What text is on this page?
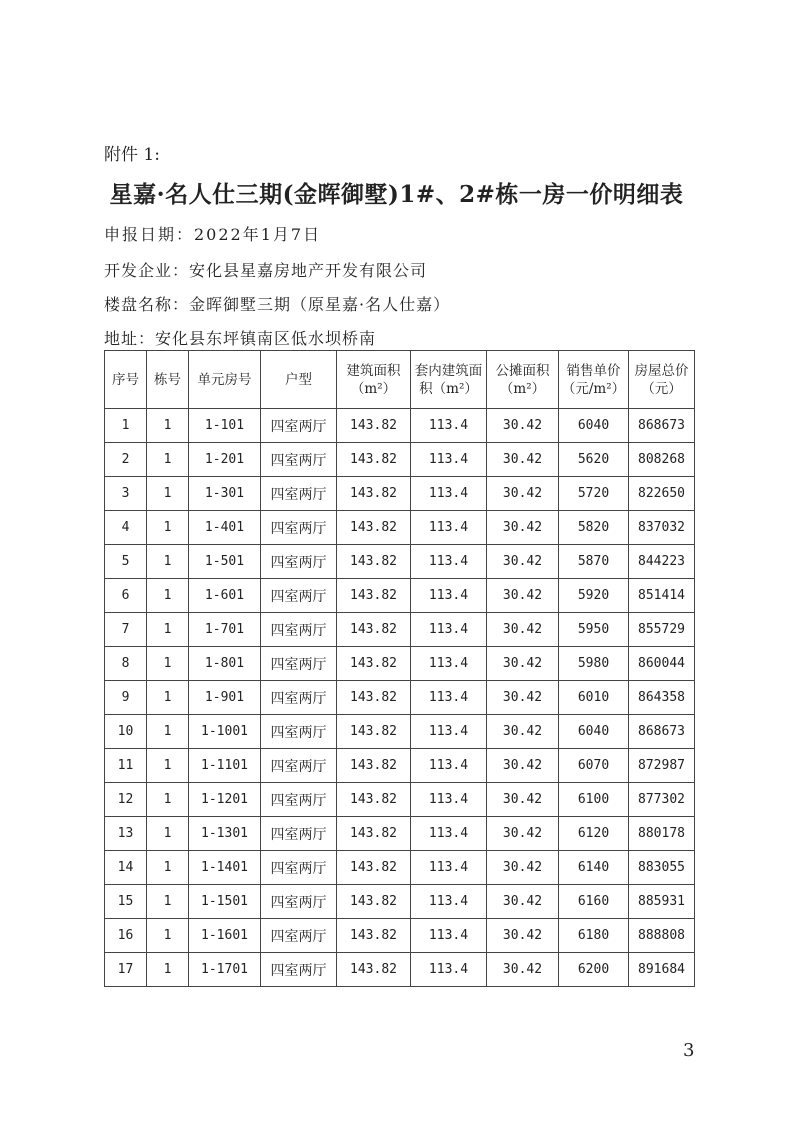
附件 1:
星嘉·名人仕三期(金晖御墅)1#、2#栋一房一价明细表
申报日期：2022年1月7日
开发企业：安化县星嘉房地产开发有限公司
楼盘名称：金晖御墅三期（原星嘉·名人仕嘉）
地址：安化县东坪镇南区低水坝桥南
序号	栋号	单元房号	户型	建筑面积（m²）	套内建筑面积（m²）	公摊面积（m²）	销售单价（元/m²）	房屋总价（元）
1	1	1-101	四室两厅	143.82	113.4	30.42	6040	868673
2	1	1-201	四室两厅	143.82	113.4	30.42	5620	808268
3	1	1-301	四室两厅	143.82	113.4	30.42	5720	822650
4	1	1-401	四室两厅	143.82	113.4	30.42	5820	837032
5	1	1-501	四室两厅	143.82	113.4	30.42	5870	844223
6	1	1-601	四室两厅	143.82	113.4	30.42	5920	851414
7	1	1-701	四室两厅	143.82	113.4	30.42	5950	855729
8	1	1-801	四室两厅	143.82	113.4	30.42	5980	860044
9	1	1-901	四室两厅	143.82	113.4	30.42	6010	864358
10	1	1-1001	四室两厅	143.82	113.4	30.42	6040	868673
11	1	1-1101	四室两厅	143.82	113.4	30.42	6070	872987
12	1	1-1201	四室两厅	143.82	113.4	30.42	6100	877302
13	1	1-1301	四室两厅	143.82	113.4	30.42	6120	880178
14	1	1-1401	四室两厅	143.82	113.4	30.42	6140	883055
15	1	1-1501	四室两厅	143.82	113.4	30.42	6160	885931
16	1	1-1601	四室两厅	143.82	113.4	30.42	6180	888808
17	1	1-1701	四室两厅	143.82	113.4	30.42	6200	891684
3
